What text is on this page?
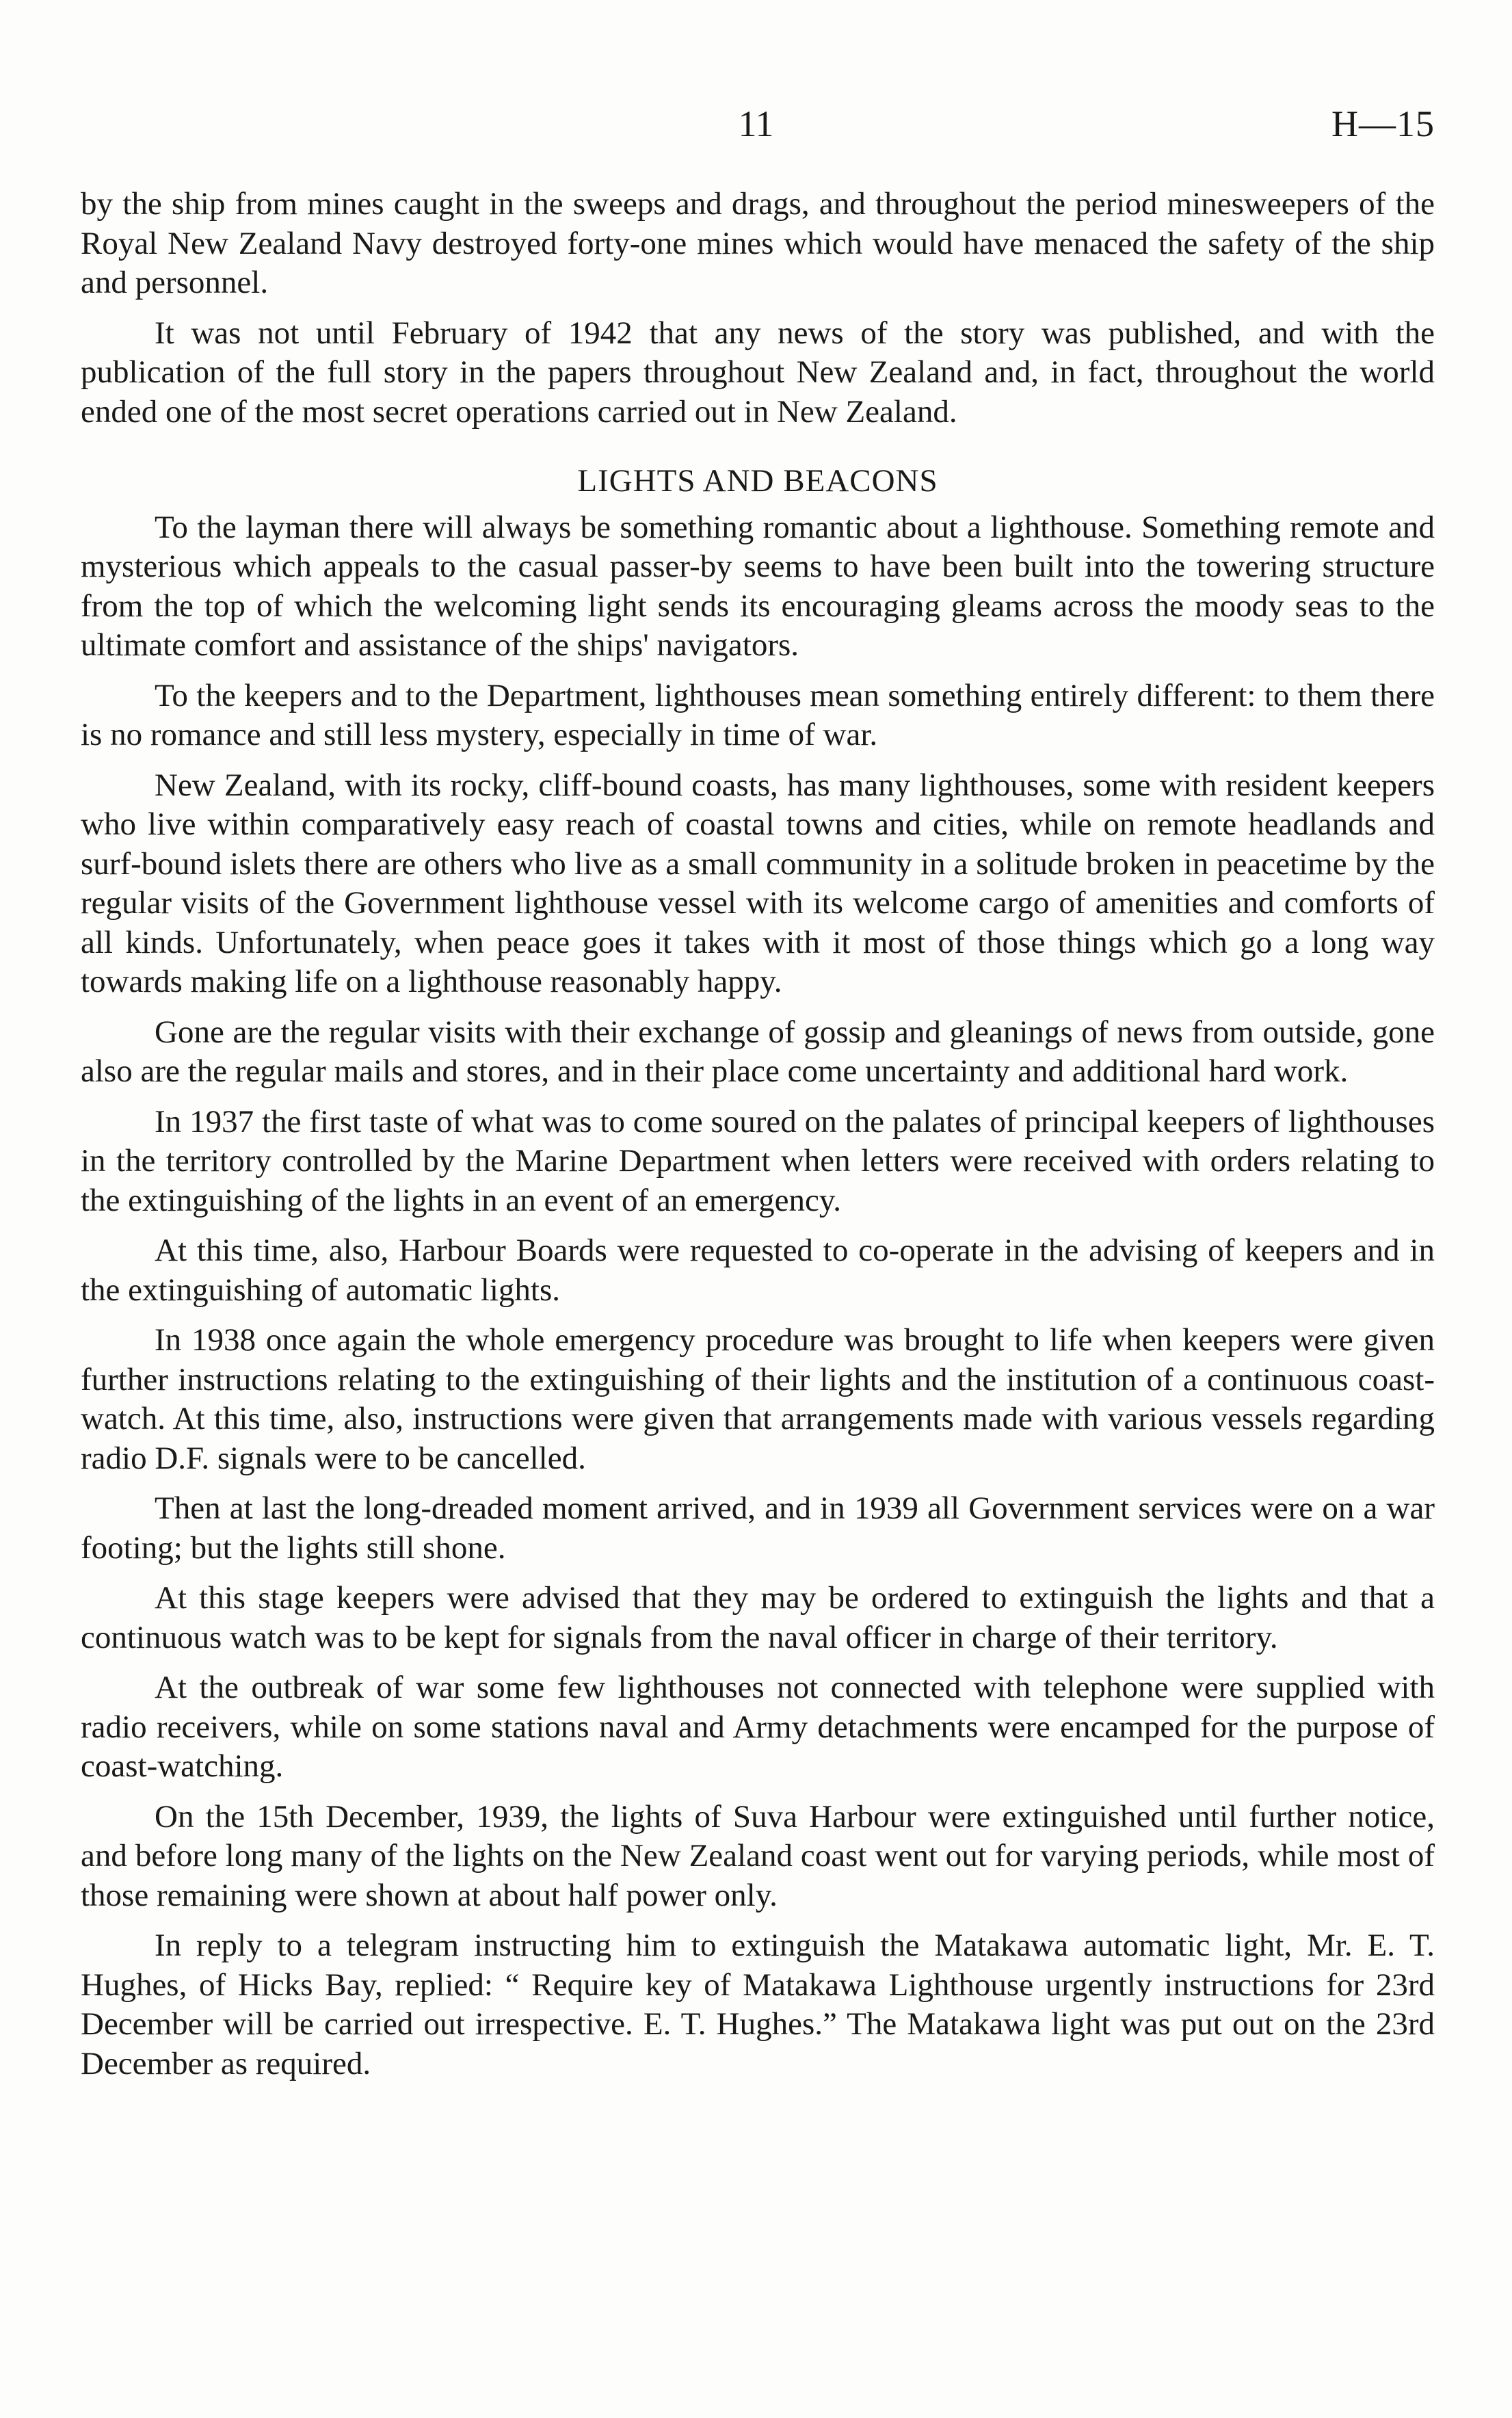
11	H—15

by the ship from mines caught in the sweeps and drags, and throughout the period minesweepers of the Royal New Zealand Navy destroyed forty-one mines which would have menaced the safety of the ship and personnel.

It was not until February of 1942 that any news of the story was published, and with the publication of the full story in the papers throughout New Zealand and, in fact, throughout the world ended one of the most secret operations carried out in New Zealand.

LIGHTS AND BEACONS

To the layman there will always be something romantic about a lighthouse. Something remote and mysterious which appeals to the casual passer-by seems to have been built into the towering structure from the top of which the welcoming light sends its encouraging gleams across the moody seas to the ultimate comfort and assistance of the ships' navigators.

To the keepers and to the Department, lighthouses mean something entirely different: to them there is no romance and still less mystery, especially in time of war.

New Zealand, with its rocky, cliff-bound coasts, has many lighthouses, some with resident keepers who live within comparatively easy reach of coastal towns and cities, while on remote headlands and surf-bound islets there are others who live as a small community in a solitude broken in peacetime by the regular visits of the Government lighthouse vessel with its welcome cargo of amenities and comforts of all kinds. Unfortunately, when peace goes it takes with it most of those things which go a long way towards making life on a lighthouse reasonably happy.

Gone are the regular visits with their exchange of gossip and gleanings of news from outside, gone also are the regular mails and stores, and in their place come uncertainty and additional hard work.

In 1937 the first taste of what was to come soured on the palates of principal keepers of lighthouses in the territory controlled by the Marine Department when letters were received with orders relating to the extinguishing of the lights in an event of an emergency.

At this time, also, Harbour Boards were requested to co-operate in the advising of keepers and in the extinguishing of automatic lights.

In 1938 once again the whole emergency procedure was brought to life when keepers were given further instructions relating to the extinguishing of their lights and the institution of a continuous coast-watch. At this time, also, instructions were given that arrangements made with various vessels regarding radio D.F. signals were to be cancelled.

Then at last the long-dreaded moment arrived, and in 1939 all Government services were on a war footing; but the lights still shone.

At this stage keepers were advised that they may be ordered to extinguish the lights and that a continuous watch was to be kept for signals from the naval officer in charge of their territory.

At the outbreak of war some few lighthouses not connected with telephone were supplied with radio receivers, while on some stations naval and Army detachments were encamped for the purpose of coast-watching.

On the 15th December, 1939, the lights of Suva Harbour were extinguished until further notice, and before long many of the lights on the New Zealand coast went out for varying periods, while most of those remaining were shown at about half power only.

In reply to a telegram instructing him to extinguish the Matakawa automatic light, Mr. E. T. Hughes, of Hicks Bay, replied: “ Require key of Matakawa Lighthouse urgently instructions for 23rd December will be carried out irrespective. E. T. Hughes.” The Matakawa light was put out on the 23rd December as required.
